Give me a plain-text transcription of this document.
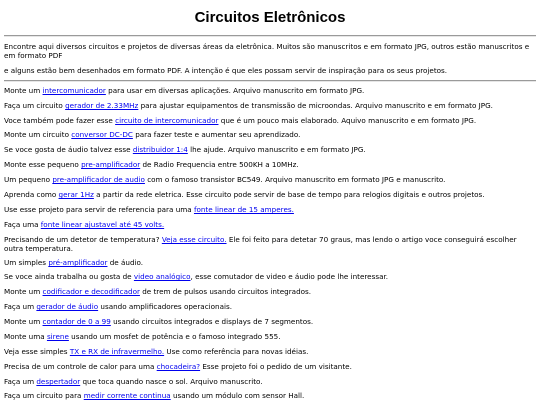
Circuitos Eletrônicos
Encontre aqui diversos circuitos e projetos de diversas áreas da eletrônica. Muitos são manuscritos e em formato JPG, outros estão manuscritos e em formato PDF
e alguns estão bem desenhados em formato PDF. A intenção é que eles possam servir de inspiração para os seus projetos.
Monte um intercomunicador para usar em diversas aplicações. Arquivo manuscrito em formato JPG.
Faça um circuito gerador de 2.33MHz para ajustar equipamentos de transmissão de microondas. Arquivo manuscrito e em formato JPG.
Voce também pode fazer esse circuito de intercomunicador que é um pouco mais elaborado. Aquivo manuscrito e em formato JPG.
Monte um circuito conversor DC-DC para fazer teste e aumentar seu aprendizado.
Se voce gosta de áudio talvez esse distribuidor 1:4 lhe ajude. Arquivo manuscrito e em formato JPG.
Monte esse pequeno pre-amplificador de Radio Frequencia entre 500KH a 10MHz.
Um pequeno pre-amplificador de audio com o famoso transistor BC549. Arquivo manuscrito em formato JPG e manuscrito.
Aprenda como gerar 1Hz a partir da rede eletrica. Esse circuito pode servir de base de tempo para relogios digitais e outros projetos.
Use esse projeto para servir de referencia para uma fonte linear de 15 amperes.
Faça uma fonte linear ajustavel até 45 volts.
Precisando de um detetor de temperatura? Veja esse circuito. Ele foi feito para detetar 70 graus, mas lendo o artigo voce conseguirá escolher outra temperatura.
Um simples pré-amplificador de áudio.
Se voce ainda trabalha ou gosta de video analógico, esse comutador de video e áudio pode lhe interessar.
Monte um codificador e decodificador de trem de pulsos usando circuitos integrados.
Faça um gerador de áudio usando amplificadores operacionais.
Monte um contador de 0 a 99 usando circuitos integrados e displays de 7 segmentos.
Monte uma sirene usando um mosfet de potência e o famoso integrado 555.
Veja esse simples TX e RX de infravermelho. Use como referência para novas idéias.
Precisa de um controle de calor para uma chocadeira? Esse projeto foi o pedido de um visitante.
Faça um despertador que toca quando nasce o sol. Arquivo manuscrito.
Faça um circuito para medir corrente continua usando um módulo com sensor Hall.
